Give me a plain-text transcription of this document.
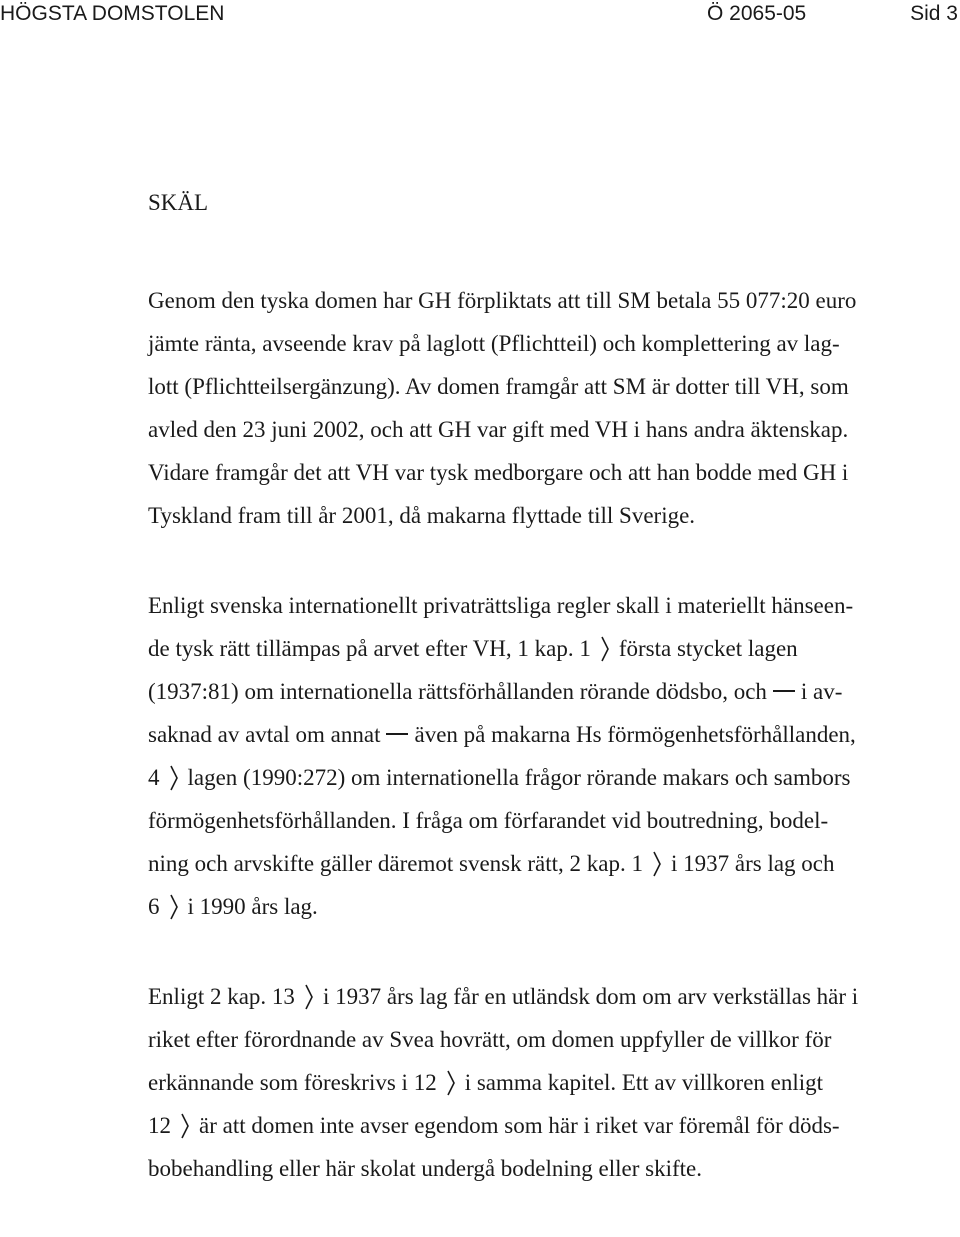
HÖGSTA DOMSTOLEN	Ö 2065-05	Sid 3
SKÄL
Genom den tyska domen har GH förpliktats att till SM betala 55 077:20 euro
jämte ränta, avseende krav på laglott (Pflichtteil) och komplettering av lag-
lott (Pflichtteilsergänzung). Av domen framgår att SM är dotter till VH, som
avled den 23 juni 2002, och att GH var gift med VH i hans andra äktenskap.
Vidare framgår det att VH var tysk medborgare och att han bodde med GH i
Tyskland fram till år 2001, då makarna flyttade till Sverige.
Enligt svenska internationellt privaträttsliga regler skall i materiellt hänseen-
de tysk rätt tillämpas på arvet efter VH, 1 kap. 1 första stycket lagen
(1937:81) om internationella rättsförhållanden rörande dödsbo, och i av-
saknad av avtal om annat även på makarna Hs förmögenhetsförhållanden,
4 lagen (1990:272) om internationella frågor rörande makars och sambors
förmögenhetsförhållanden. I fråga om förfarandet vid boutredning, bodel-
ning och arvskifte gäller däremot svensk rätt, 2 kap. 1 i 1937 års lag och
6 i 1990 års lag.
Enligt 2 kap. 13 i 1937 års lag får en utländsk dom om arv verkställas här i
riket efter förordnande av Svea hovrätt, om domen uppfyller de villkor för
erkännande som föreskrivs i 12 i samma kapitel. Ett av villkoren enligt
12 är att domen inte avser egendom som här i riket var föremål för döds-
bobehandling eller här skolat undergå bodelning eller skifte.
